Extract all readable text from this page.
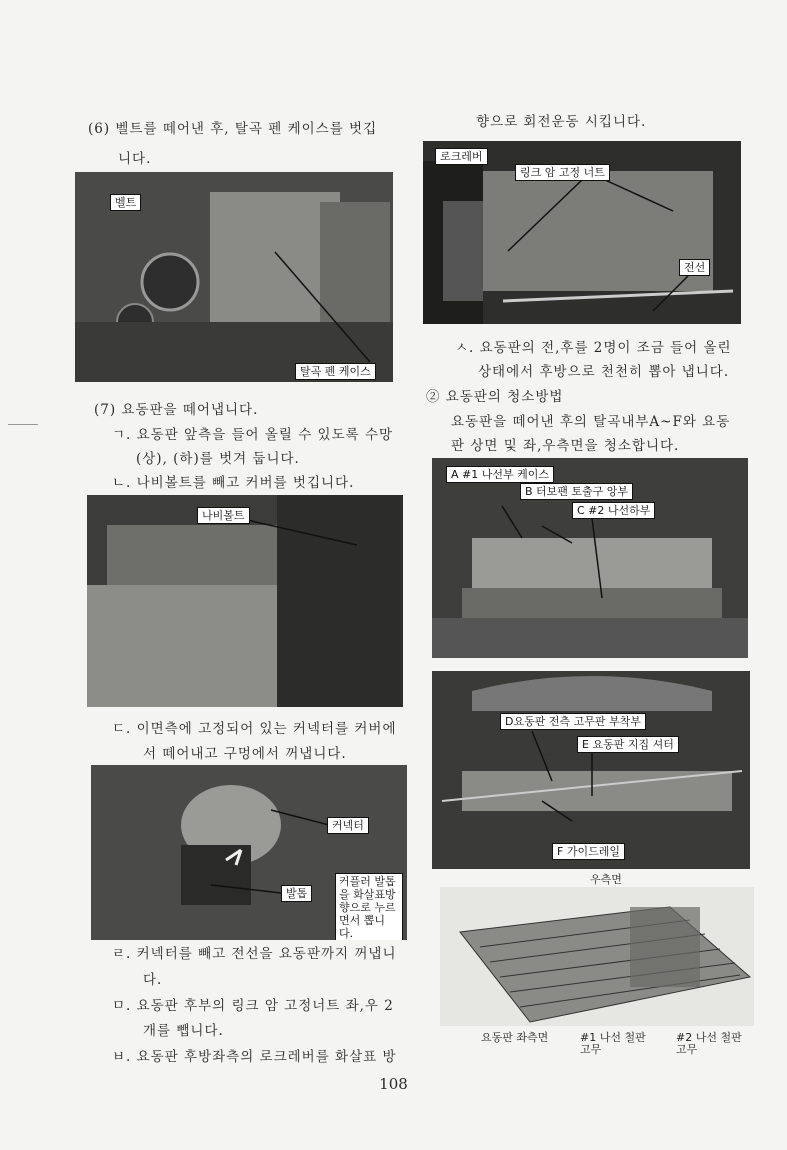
(6) 벨트를 떼어낸 후, 탈곡 펜 케이스를 벗깁
니다.
벨트
탈곡 펜 케이스
(7) 요동판을 떼어냅니다.
ㄱ. 요동판 앞측을 들어 올릴 수 있도록 수망
(상), (하)를 벗겨 둡니다.
ㄴ. 나비볼트를 빼고 커버를 벗깁니다.
나비볼트
ㄷ. 이면측에 고정되어 있는 커넥터를 커버에
서 떼어내고 구멍에서 꺼냅니다.
커넥터
발톱
커플러 발톱을 화살표방향으로 누르면서 뽑니다.
ㄹ. 커넥터를 빼고 전선을 요동판까지 꺼냅니
다.
ㅁ. 요동판 후부의 링크 암 고정너트 좌,우 2
개를 뺍니다.
ㅂ. 요동판 후방좌측의 로크레버를 화살표 방
향으로 회전운동 시킵니다.
로크레버
링크 암 고정 너트
전선
ㅅ. 요동판의 전,후를 2명이 조금 들어 올린
상태에서 후방으로 천천히 뽑아 냅니다.
② 요동판의 청소방법
요동판을 떼어낸 후의 탈곡내부A~F와 요동
판 상면 및 좌,우측면을 청소합니다.
A #1 나선부 케이스
B 터보팬 토출구 앙부
C #2 나선하부
D요동판 전측 고무판 부착부
E 요동판 지집 셔터
F 가이드레일
우측면
요동판 좌측면	#1 나선 철판
고무
#2 나선 철판
고무
108
